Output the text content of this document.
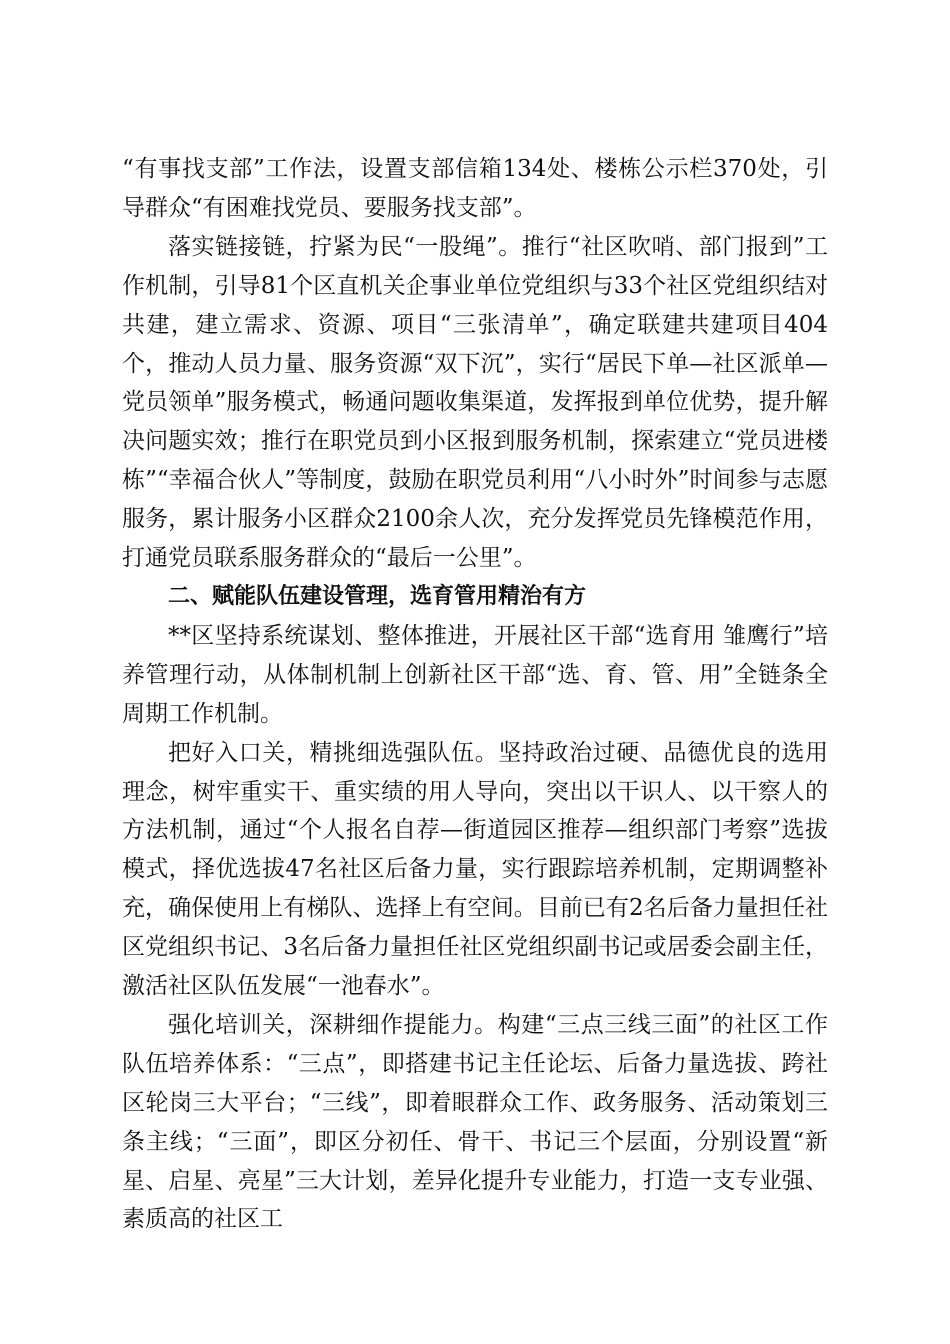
“有事找支部”工作法，设置支部信箱134处、楼栋公示栏370处，引导群众“有困难找党员、要服务找支部”。

落实链接链，拧紧为民“一股绳”。推行“社区吹哨、部门报到”工作机制，引导81个区直机关企事业单位党组织与33个社区党组织结对共建，建立需求、资源、项目“三张清单”，确定联建共建项目404个，推动人员力量、服务资源“双下沉”，实行“居民下单—社区派单—党员领单”服务模式，畅通问题收集渠道，发挥报到单位优势，提升解决问题实效；推行在职党员到小区报到服务机制，探索建立“党员进楼栋”“幸福合伙人”等制度，鼓励在职党员利用“八小时外”时间参与志愿服务，累计服务小区群众2100余人次，充分发挥党员先锋模范作用，打通党员联系服务群众的“最后一公里”。

二、赋能队伍建设管理，选育管用精治有方

**区坚持系统谋划、整体推进，开展社区干部“选育用 雏鹰行”培养管理行动，从体制机制上创新社区干部“选、育、管、用”全链条全周期工作机制。

把好入口关，精挑细选强队伍。坚持政治过硬、品德优良的选用理念，树牢重实干、重实绩的用人导向，突出以干识人、以干察人的方法机制，通过“个人报名自荐—街道园区推荐—组织部门考察”选拔模式，择优选拔47名社区后备力量，实行跟踪培养机制，定期调整补充，确保使用上有梯队、选择上有空间。目前已有2名后备力量担任社区党组织书记、3名后备力量担任社区党组织副书记或居委会副主任，激活社区队伍发展“一池春水”。

强化培训关，深耕细作提能力。构建“三点三线三面”的社区工作队伍培养体系：“三点”，即搭建书记主任论坛、后备力量选拔、跨社区轮岗三大平台；“三线”，即着眼群众工作、政务服务、活动策划三条主线；“三面”，即区分初任、骨干、书记三个层面，分别设置“新星、启星、亮星”三大计划，差异化提升专业能力，打造一支专业强、素质高的社区工
